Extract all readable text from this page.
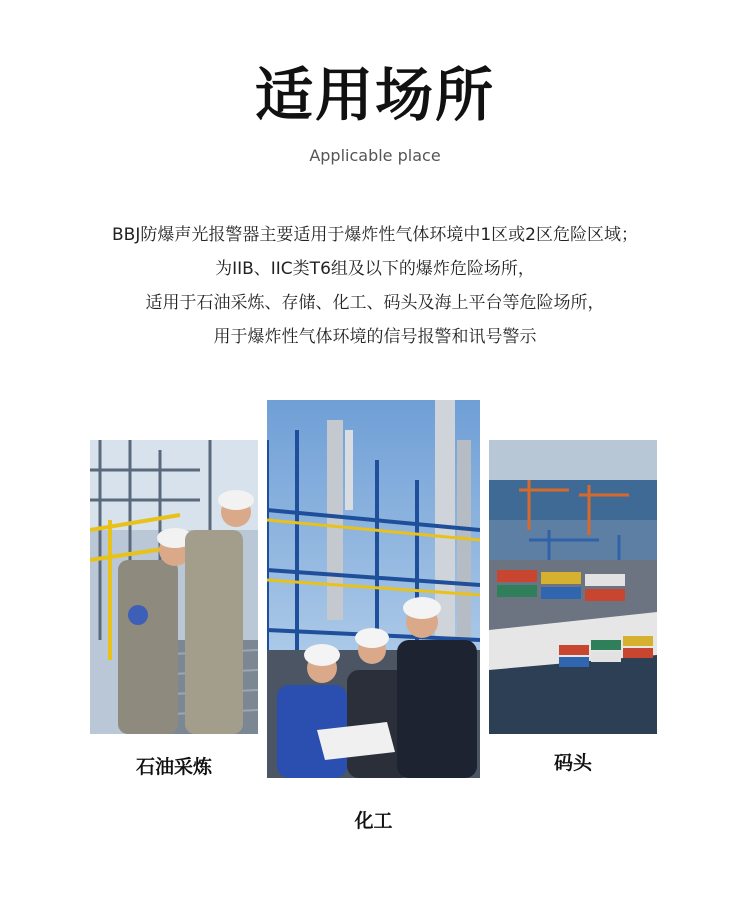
适用场所
Applicable place
BBJ防爆声光报警器主要适用于爆炸性气体环境中1区或2区危险区域；
为IIB、IIC类T6组及以下的爆炸危险场所，
适用于石油采炼、存储、化工、码头及海上平台等危险场所，
用于爆炸性气体环境的信号报警和讯号警示
石油采炼
化工
码头
